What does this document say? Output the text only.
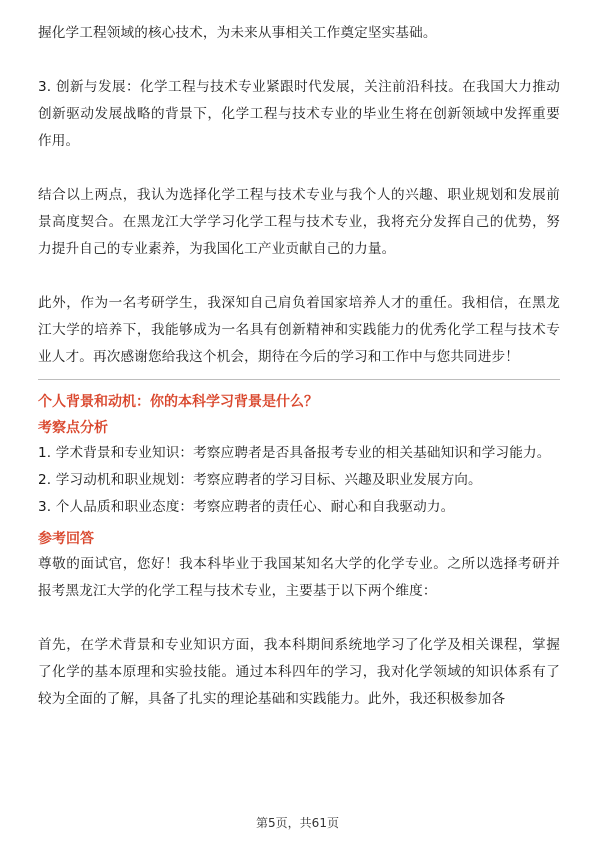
握化学工程领域的核心技术，为未来从事相关工作奠定坚实基础。

3. 创新与发展：化学工程与技术专业紧跟时代发展，关注前沿科技。在我国大力推动创新驱动发展战略的背景下，化学工程与技术专业的毕业生将在创新领域中发挥重要作用。

结合以上两点，我认为选择化学工程与技术专业与我个人的兴趣、职业规划和发展前景高度契合。在黑龙江大学学习化学工程与技术专业，我将充分发挥自己的优势，努力提升自己的专业素养，为我国化工产业贡献自己的力量。

此外，作为一名考研学生，我深知自己肩负着国家培养人才的重任。我相信，在黑龙江大学的培养下，我能够成为一名具有创新精神和实践能力的优秀化学工程与技术专业人才。再次感谢您给我这个机会，期待在今后的学习和工作中与您共同进步！

个人背景和动机：你的本科学习背景是什么？
考察点分析

1. 学术背景和专业知识：考察应聘者是否具备报考专业的相关基础知识和学习能力。

2. 学习动机和职业规划：考察应聘者的学习目标、兴趣及职业发展方向。

3. 个人品质和职业态度：考察应聘者的责任心、耐心和自我驱动力。

参考回答

尊敬的面试官，您好！我本科毕业于我国某知名大学的化学专业。之所以选择考研并报考黑龙江大学的化学工程与技术专业，主要基于以下两个维度：

首先，在学术背景和专业知识方面，我本科期间系统地学习了化学及相关课程，掌握了化学的基本原理和实验技能。通过本科四年的学习，我对化学领域的知识体系有了较为全面的了解，具备了扎实的理论基础和实践能力。此外，我还积极参加各

第5页，共61页
